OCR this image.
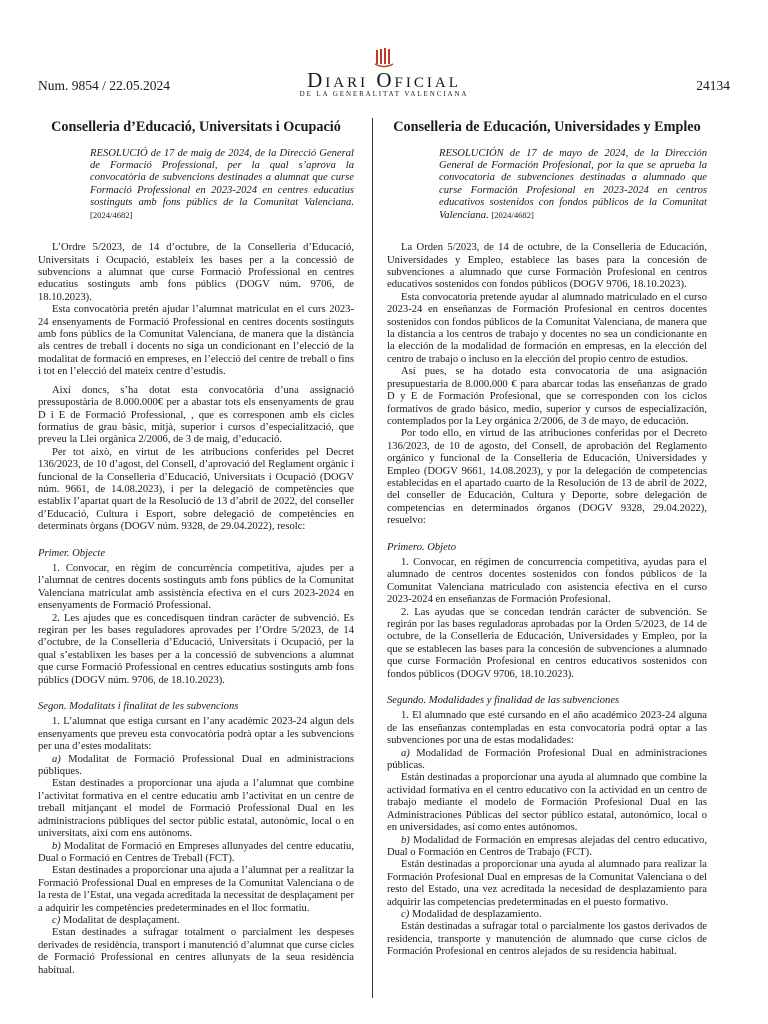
Num. 9854 / 22.05.2024	Diari Oficial
DE LA GENERALITAT VALENCIANA
24134
Conselleria d’Educació, Universitats i Ocupació
RESOLUCIÓ de 17 de maig de 2024, de la Direcció General de Formació Professional, per la qual s’aprova la convocatòria de subvencions destinades a alumnat que curse Formació Professional en 2023-2024 en centres educatius sostinguts amb fons públics de la Comunitat Valenciana. [2024/4682]

L’Ordre 5/2023, de 14 d’octubre, de la Conselleria d’Educació, Universitats i Ocupació, estableix les bases per a la concessió de subvencions a alumnat que curse Formació Professional en centres educatius sostinguts amb fons públics (DOGV núm. 9706, de 18.10.2023).

Esta convocatòria pretén ajudar l’alumnat matriculat en el curs 2023-24 ensenyaments de Formació Professional en centres docents sostinguts amb fons públics de la Comunitat Valenciana, de manera que la distància als centres de treball i docents no siga un condicionant en l’elecció de la modalitat de formació en empreses, en l’elecció del centre de treball o fins i tot en l’elecció del mateix centre d’estudis.

Així doncs, s’ha dotat esta convocatòria d’una assignació pressupostària de 8.000.000€ per a abastar tots els ensenyaments de grau D i E de Formació Professional, , que es corresponen amb els cicles formatius de grau bàsic, mitjà, superior i cursos d’especialització, que preveu la Llei orgànica 2/2006, de 3 de maig, d’educació.

Per tot això, en virtut de les atribucions conferides pel Decret 136/2023, de 10 d’agost, del Consell, d’aprovació del Reglament orgànic i funcional de la Conselleria d’Educació, Universitats i Ocupació (DOGV núm. 9661, de 14.08.2023), i per la delegació de competències que establix l’apartat quart de la Resolució de 13 d’abril de 2022, del conseller d’Educació, Cultura i Esport, sobre delegació de competències en determinats òrgans (DOGV núm. 9328, de 29.04.2022), resolc:

Primer. Objecte

1. Convocar, en règim de concurrència competitiva, ajudes per a l’alumnat de centres docents sostinguts amb fons públics de la Comunitat Valenciana matriculat amb assistència efectiva en el curs 2023-2024 en ensenyaments de Formació Professional.

2. Les ajudes que es concedisquen tindran caràcter de subvenció. Es regiran per les bases reguladores aprovades per l’Ordre 5/2023, de 14 d’octubre, de la Conselleria d’Educació, Universitats i Ocupació, per la qual s’establixen les bases per a la concessió de subvencions a alumnat que curse Formació Professional en centres educatius sostinguts amb fons públics (DOGV núm. 9706, de 18.10.2023).

Segon. Modalitats i finalitat de les subvencions

1. L’alumnat que estiga cursant en l’any acadèmic 2023-24 algun dels ensenyaments que preveu esta convocatòria podrà optar a les subvencions per una d’estes modalitats:

a) Modalitat de Formació Professional Dual en administracions públiques.

Estan destinades a proporcionar una ajuda a l’alumnat que combine l’activitat formativa en el centre educatiu amb l’activitat en un centre de treball mitjançant el model de Formació Professional Dual en les administracions públiques del sector públic estatal, autonòmic, local o en universitats, així com ens autònoms.

b) Modalitat de Formació en Empreses allunyades del centre educatiu, Dual o Formació en Centres de Treball (FCT).

Estan destinades a proporcionar una ajuda a l’alumnat per a realitzar la Formació Professional Dual en empreses de la Comunitat Valenciana o de la resta de l’Estat, una vegada acreditada la necessitat de desplaçament per a adquirir les competències predeterminades en el lloc formatiu.

c) Modalitat de desplaçament.

Estan destinades a sufragar totalment o parcialment les despeses derivades de residència, transport i manutenció d’alumnat que curse cicles de Formació Professional en centres allunyats de la seua residència habitual.

Conselleria de Educación, Universidades y Empleo
RESOLUCIÓN de 17 de mayo de 2024, de la Dirección General de Formación Profesional, por la que se aprueba la convocatoria de subvenciones destinadas a alumnado que curse Formación Profesional en 2023-2024 en centros educativos sostenidos con fondos públicos de la Comunitat Valenciana. [2024/4682]

La Orden 5/2023, de 14 de octubre, de la Conselleria de Educación, Universidades y Empleo, establece las bases para la concesión de subvenciones a alumnado que curse Formación Profesional en centros educativos sostenidos con fondos públicos (DOGV 9706, 18.10.2023).

Esta convocatoria pretende ayudar al alumnado matriculado en el curso 2023-24 en enseñanzas de Formación Profesional en centros docentes sostenidos con fondos públicos de la Comunitat Valenciana, de manera que la distancia a los centros de trabajo y docentes no sea un condicionante en la elección de la modalidad de formación en empresas, en la elección del centro de trabajo o incluso en la elección del propio centro de estudios.

Así pues, se ha dotado esta convocatoria de una asignación presupuestaria de 8.000.000 € para abarcar todas las enseñanzas de grado D y E de Formación Profesional, que se corresponden con los ciclos formativos de grado básico, medio, superior y cursos de especialización, contemplados por la Ley orgánica 2/2006, de 3 de mayo, de educación.

Por todo ello, en virtud de las atribuciones conferidas por el Decreto 136/2023, de 10 de agosto, del Consell, de aprobación del Reglamento orgánico y funcional de la Conselleria de Educación, Universidades y Empleo (DOGV 9661, 14.08.2023), y por la delegación de competencias establecidas en el apartado cuarto de la Resolución de 13 de abril de 2022, del conseller de Educación, Cultura y Deporte, sobre delegación de competencias en determinados órganos (DOGV 9328, 29.04.2022), resuelvo:

Primero. Objeto

1. Convocar, en régimen de concurrencia competitiva, ayudas para el alumnado de centros docentes sostenidos con fondos públicos de la Comunitat Valenciana matriculado con asistencia efectiva en el curso 2023-2024 en enseñanzas de Formación Profesional.

2. Las ayudas que se concedan tendrán carácter de subvención. Se regirán por las bases reguladoras aprobadas por la Orden 5/2023, de 14 de octubre, de la Conselleria de Educación, Universidades y Empleo, por la que se establecen las bases para la concesión de subvenciones a alumnado que curse Formación Profesional en centros educativos sostenidos con fondos públicos (DOGV 9706, 18.10.2023).

Segundo. Modalidades y finalidad de las subvenciones

1. El alumnado que esté cursando en el año académico 2023-24 alguna de las enseñanzas contempladas en esta convocatoria podrá optar a las subvenciones por una de estas modalidades:

a) Modalidad de Formación Profesional Dual en administraciones públicas.

Están destinadas a proporcionar una ayuda al alumnado que combine la actividad formativa en el centro educativo con la actividad en un centro de trabajo mediante el modelo de Formación Profesional Dual en las Administraciones Públicas del sector público estatal, autonómico, local o en universidades, así como entes autónomos.

b) Modalidad de Formación en empresas alejadas del centro educativo, Dual o Formación en Centros de Trabajo (FCT).

Están destinadas a proporcionar una ayuda al alumnado para realizar la Formación Profesional Dual en empresas de la Comunitat Valenciana o del resto del Estado, una vez acreditada la necesidad de desplazamiento para adquirir las competencias predeterminadas en el puesto formativo.

c) Modalidad de desplazamiento.

Están destinadas a sufragar total o parcialmente los gastos derivados de residencia, transporte y manutención de alumnado que curse ciclos de Formación Profesional en centros alejados de su residencia habitual.
